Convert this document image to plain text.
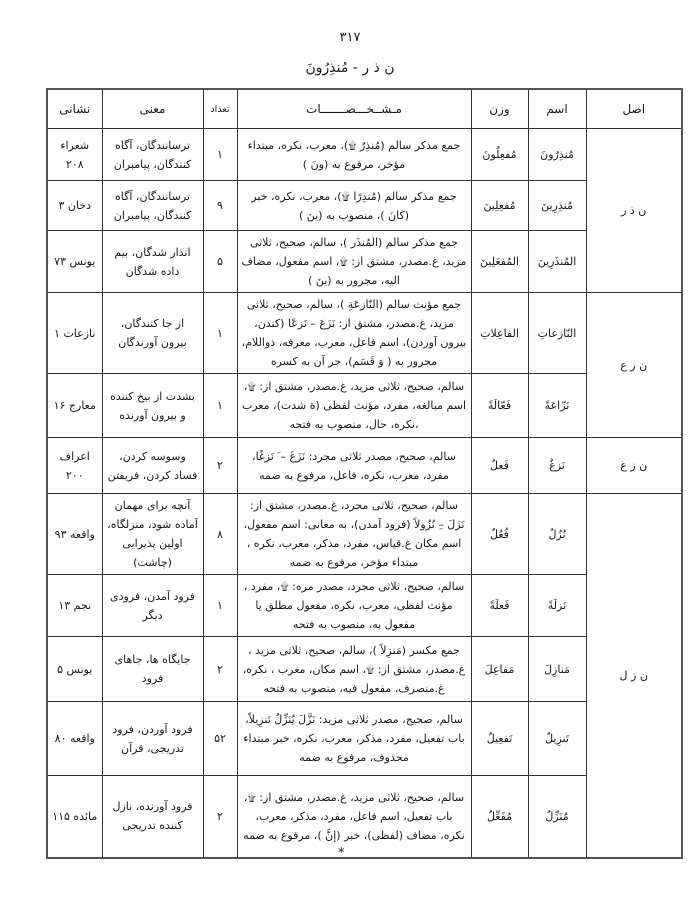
۳۱۷
ن ذ ر - مُنذِرُونَ
اصل	اسم	وزن	مـشــخـــصـــــــات	تعداد	معنی	نشانی
ن ذ ر	مُنذِرُونَ	مُفعِلُونَ	جمع مذکر سالم (مُنذِرٌ ۩)، معرب، نکره، مبتداء مؤخر، مرفوع به (ونَ )	۱	ترسانندگان، آگاه کنندگان، پیامبران	شعراء ۲۰۸
	مُنذِرِینَ	مُفعِلِینَ	جمع مذکر سالم (مُنذِرًا ۩)، معرب، نکره، خبر (کانَ )، منصوب به (ینَ )	۹	ترسانندگان، آگاه کنندگان، پیامبران	دخان ۳
	المُنذَرِینَ	المُفعَلِینَ	جمع مذکر سالم (المُنذَر )، سالم، صحیح، ثلاثی مزید، غ.مصدر، مشتق از: ۩، اسم مفعول، مضاف الیه، مجرور به (ینَ )	۵	انذار شدگان، بیم داده شدگان	یونس ۷۳
ن ز ع	النّازعاتِ	الفاعِلاتِ	جمع مؤنث سالم (النّازعَةِ )، سالم، صحیح، ثلاثی مزید، غ.مصدر، مشتق از: نَزَعَ – نَزعًا (کندن، بیرون آوردن)، اسم فاعل، معرب، معرفه، ذواللام، مجرور به ( وَ قَسَم)، جر آن به کسره	۱	از جا کنندگان، بیرون آورندگان	نازعات ۱
	نَزّاعَةً	فَعّالَةً	سالم، صحیح، ثلاثی مزید، غ.مصدر، مشتق از: ۩، اسم مبالغه، مفرد، مؤنث لفظی (ة شدت)، معرب ،نکره، حال، منصوب به فتحه	۱	بشدت از بیخ کننده و بیرون آورنده	معارج ۱۶
ن ز غ	نَزغٌ	فَعلٌ	سالم، صحیح، مصدر ثلاثی مجرد: نَزَغَ – َ نَزغًا، مفرد، معرب، نکره، فاعل، مرفوع به ضمه	۲	وسوسه کردن، فساد کردن، فریفتن	اعراف ۲۰۰
ن ز ل	نُزُلٌ	فُعُلٌ	سالم، صحیح، ثلاثی مجرد، غ.مصدر، مشتق از: نَزَلَ –ِ نُزُولاً (فرود آمدن)، به معانی: اسم مفعول، اسم مکان غ.قیاس، مفرد، مذکر، معرب، نکره ، مبتداء مؤخر، مرفوع به ضمه	۸	آنچه برای مهمان آماده شود، منزلگاه، اولین پذیرایی (چاشت)	واقعه ۹۳
	نَزلَةً	فَعلَةً	سالم، صحیح، ثلاثی مجرد، مصدر مره: ۩، مفرد ، مؤنث لفظی، معرب، نکره، مفعول مطلق یا مفعول به، منصوب به فتحه	۱	فرود آمدن، فرودی دیگر	نجم ۱۳
	مَنازِلَ	مَفاعِلَ	جمع مکسر (مَنزِلاً )، سالم، صحیح، ثلاثی مزید ، غ.مصدر، مشتق از: ۩، اسم مکان، معرب ، نکره، غ.منصرف، مفعول فیه، منصوب به فتحه	۲	جایگاه ها، جاهای فرود	یونس ۵
	تَنزِیلٌ	تَفعِیلٌ	سالم، صحیح، مصدر ثلاثی مزید: نَزَّلَ یُنَزِّلُ تَنزِیلاً، باب تفعیل، مفرد، مذکر، معرب، نکره، خبر مبتداء محذوف، مرفوع به ضمه	۵۲	فرود آوردن، فرود تدریجی، قرآن	واقعه ۸۰
	مُنَزِّلٌ	مُفَعِّلٌ	سالم، صحیح، ثلاثی مزید، غ.مصدر، مشتق از: ۩، باب تفعیل، اسم فاعل، مفرد، مذکر، معرب، نکره، مضاف (لفظی)، خبر (إنَّ )، مرفوع به ضمه	۲	فرود آورنده، نازل کننده تدریجی	مائده ۱۱۵
*
